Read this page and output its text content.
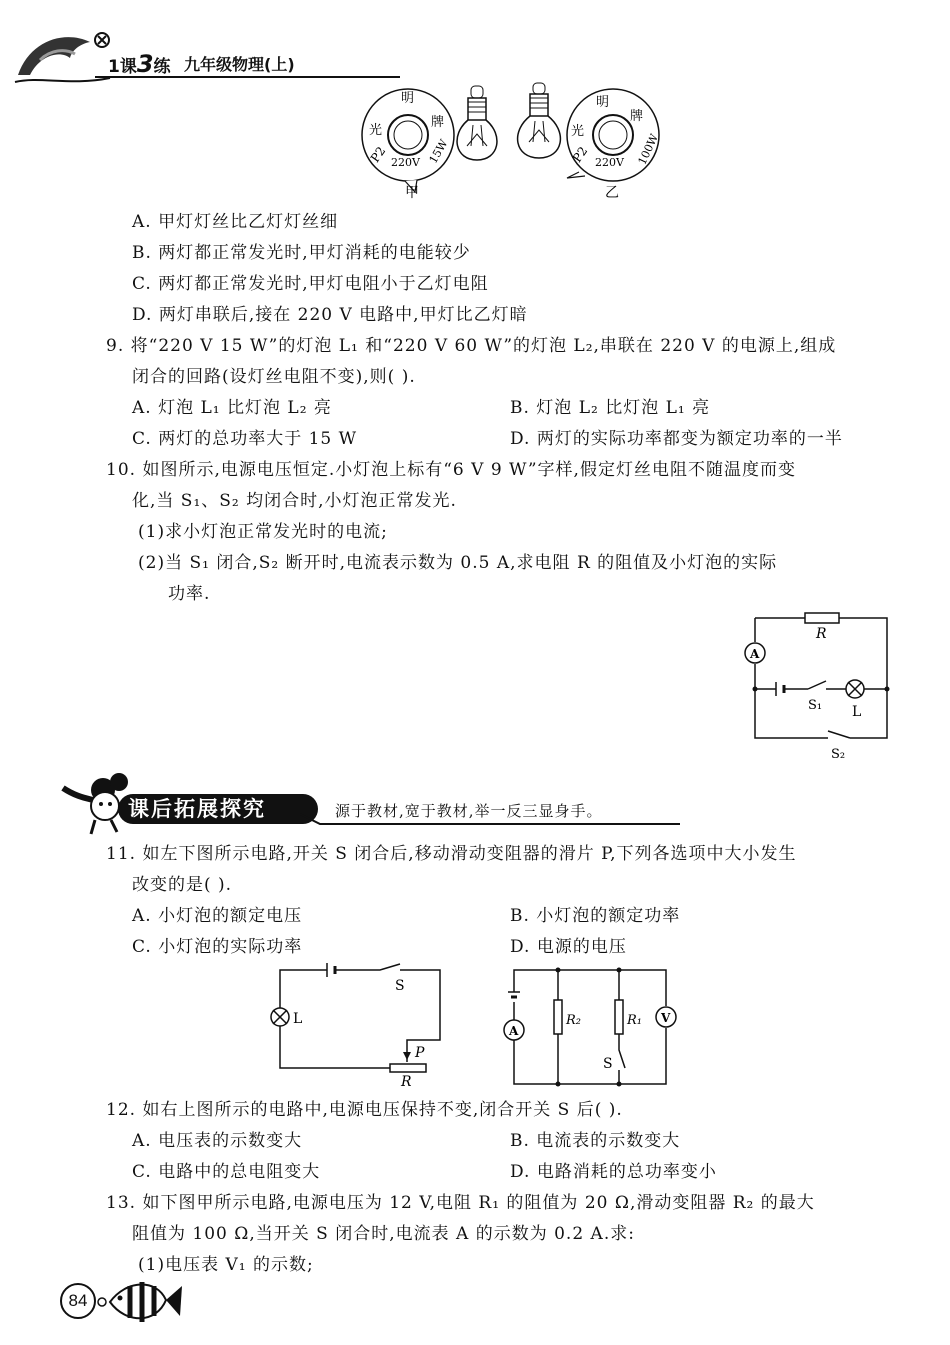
1课3练 九年级物理(上)
明
光
牌
P2 220V 15W
甲
明
光
牌
P2 220V 100W
乙
A. 甲灯灯丝比乙灯灯丝细
B. 两灯都正常发光时,甲灯消耗的电能较少
C. 两灯都正常发光时,甲灯电阻小于乙灯电阻
D. 两灯串联后,接在 220 V 电路中,甲灯比乙灯暗
9. 将“220 V 15 W”的灯泡 L₁ 和“220 V 60 W”的灯泡 L₂,串联在 220 V 的电源上,组成
闭合的回路(设灯丝电阻不变),则( ).
A. 灯泡 L₁ 比灯泡 L₂ 亮	B. 灯泡 L₂ 比灯泡 L₁ 亮
C. 两灯的总功率大于 15 W	D. 两灯的实际功率都变为额定功率的一半
10. 如图所示,电源电压恒定.小灯泡上标有“6 V 9 W”字样,假定灯丝电阻不随温度而变
化,当 S₁、S₂ 均闭合时,小灯泡正常发光.
(1)求小灯泡正常发光时的电流;
(2)当 S₁ 闭合,S₂ 断开时,电流表示数为 0.5 A,求电阻 R 的阻值及小灯泡的实际
功率.
R
A
S₁ L
S₂
课后拓展探究	源于教材,宽于教材,举一反三显身手。
11. 如左下图所示电路,开关 S 闭合后,移动滑动变阻器的滑片 P,下列各选项中大小发生
改变的是( ).
A. 小灯泡的额定电压	B. 小灯泡的额定功率
C. 小灯泡的实际功率	D. 电源的电压
S
L
P
R
A
R₂	R₁ V
S
12. 如右上图所示的电路中,电源电压保持不变,闭合开关 S 后( ).
A. 电压表的示数变大	B. 电流表的示数变大
C. 电路中的总电阻变大	D. 电路消耗的总功率变小
13. 如下图甲所示电路,电源电压为 12 V,电阻 R₁ 的阻值为 20 Ω,滑动变阻器 R₂ 的最大
阻值为 100 Ω,当开关 S 闭合时,电流表 A 的示数为 0.2 A.求:
(1)电压表 V₁ 的示数;
84
